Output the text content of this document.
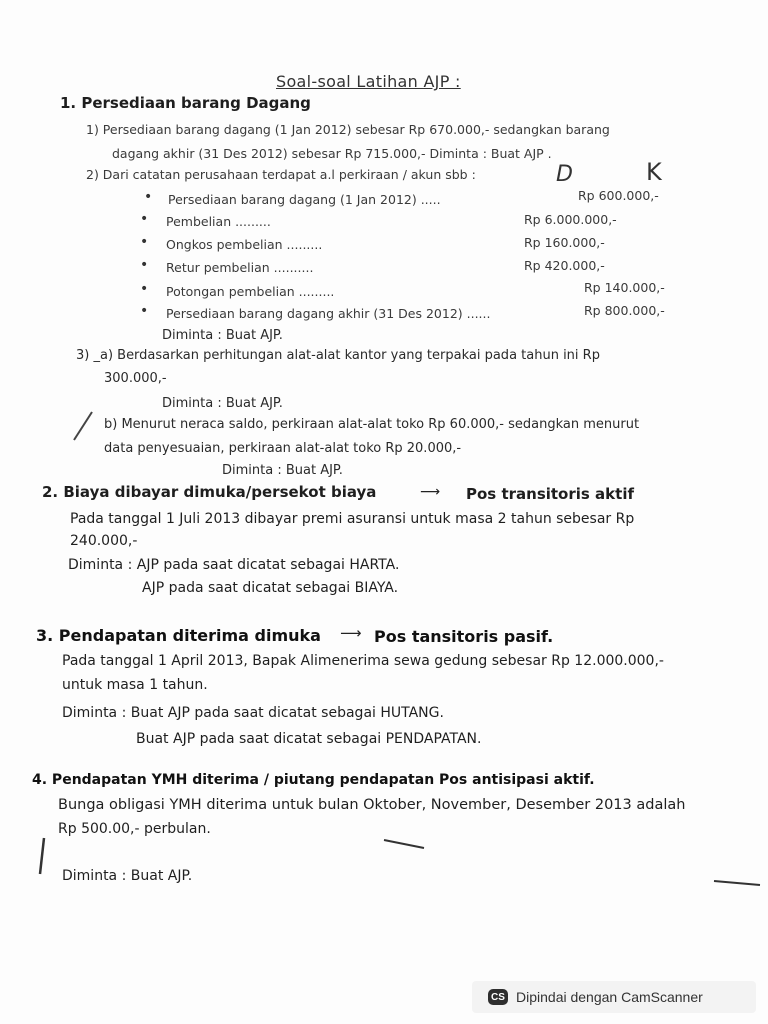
Soal-soal Latihan AJP :
1. Persediaan barang Dagang
1) Persediaan barang dagang (1 Jan 2012) sebesar Rp 670.000,- sedangkan barang
dagang akhir (31 Des 2012) sebesar Rp 715.000,- Diminta : Buat AJP .
2) Dari catatan perusahaan terdapat a.l perkiraan / akun sbb :	D	K
• Persediaan barang dagang (1 Jan 2012) .....	Rp 600.000,-
• Pembelian .........	Rp 6.000.000,-
• Ongkos pembelian .........	Rp 160.000,-
• Retur pembelian ..........	Rp 420.000,-
• Potongan pembelian .........	Rp 140.000,-
• Persediaan barang dagang akhir (31 Des 2012) ......	Rp 800.000,-
Diminta : Buat AJP.
3) _a) Berdasarkan perhitungan alat-alat kantor yang terpakai pada tahun ini Rp
300.000,-
Diminta : Buat AJP.
b) Menurut neraca saldo, perkiraan alat-alat toko Rp 60.000,- sedangkan menurut
data penyesuaian, perkiraan alat-alat toko Rp 20.000,-
Diminta : Buat AJP.
2. Biaya dibayar dimuka/persekot biaya	⟶ Pos transitoris aktif
Pada tanggal 1 Juli 2013 dibayar premi asuransi untuk masa 2 tahun sebesar Rp
240.000,-
Diminta : AJP pada saat dicatat sebagai HARTA.
AJP pada saat dicatat sebagai BIAYA.
3. Pendapatan diterima dimuka ⟶ Pos tansitoris pasif.
Pada tanggal 1 April 2013, Bapak Alimenerima sewa gedung sebesar Rp 12.000.000,-
untuk masa 1 tahun.
Diminta : Buat AJP pada saat dicatat sebagai HUTANG.
Buat AJP pada saat dicatat sebagai PENDAPATAN.
4. Pendapatan YMH diterima / piutang pendapatan Pos antisipasi aktif.
Bunga obligasi YMH diterima untuk bulan Oktober, November, Desember 2013 adalah
Rp 500.00,- perbulan.
Diminta : Buat AJP.
CS Dipindai dengan CamScanner
